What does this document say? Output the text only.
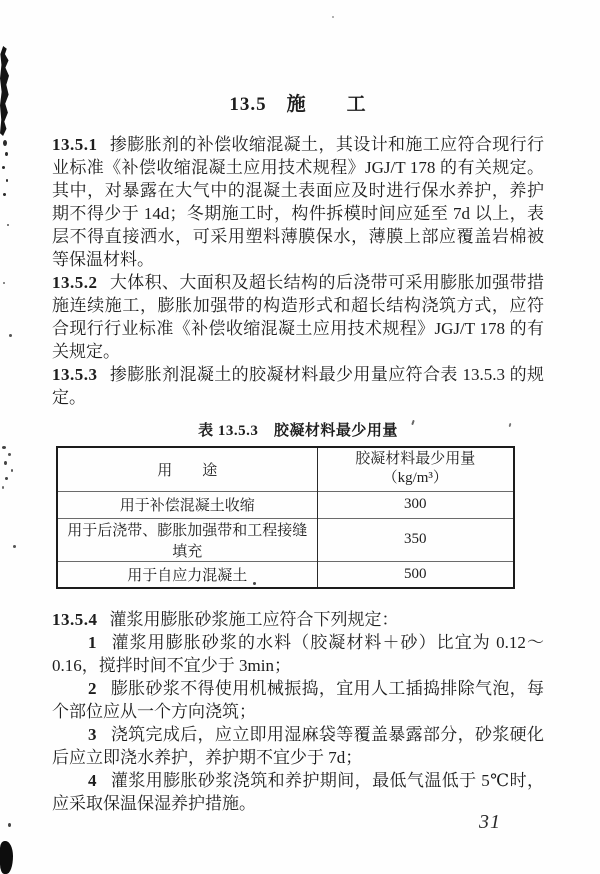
13.5　施　　工

13.5.1 掺膨胀剂的补偿收缩混凝土，其设计和施工应符合现行行业标准《补偿收缩混凝土应用技术规程》JGJ/T 178 的有关规定。其中，对暴露在大气中的混凝土表面应及时进行保水养护，养护期不得少于 14d；冬期施工时，构件拆模时间应延至 7d 以上，表层不得直接洒水，可采用塑料薄膜保水，薄膜上部应覆盖岩棉被等保温材料。

13.5.2 大体积、大面积及超长结构的后浇带可采用膨胀加强带措施连续施工，膨胀加强带的构造形式和超长结构浇筑方式，应符合现行行业标准《补偿收缩混凝土应用技术规程》JGJ/T 178 的有关规定。

13.5.3 掺膨胀剂混凝土的胶凝材料最少用量应符合表 13.5.3 的规定。

表 13.5.3　胶凝材料最少用量
用　　途	胶凝材料最少用量
（kg/m³）

用于补偿混凝土收缩	300
用于后浇带、膨胀加强带和工程接缝填充	350
用于自应力混凝土	500

13.5.4 灌浆用膨胀砂浆施工应符合下列规定：

1 灌浆用膨胀砂浆的水料（胶凝材料＋砂）比宜为 0.12～0.16，搅拌时间不宜少于 3min；

2 膨胀砂浆不得使用机械振捣，宜用人工插捣排除气泡，每个部位应从一个方向浇筑；

3 浇筑完成后，应立即用湿麻袋等覆盖暴露部分，砂浆硬化后应立即浇水养护，养护期不宜少于 7d；

4 灌浆用膨胀砂浆浇筑和养护期间，最低气温低于 5℃时，应采取保温保湿养护措施。

31
